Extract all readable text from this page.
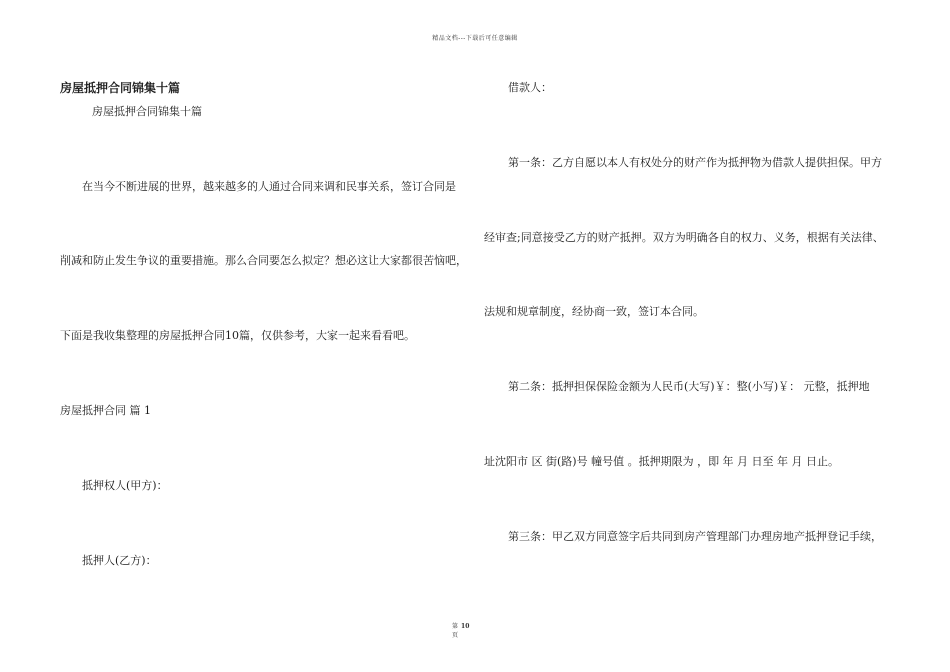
精品文档---下载后可任意编辑
房屋抵押合同锦集十篇
房屋抵押合同锦集十篇
在当今不断进展的世界，越来越多的人通过合同来调和民事关系，签订合同是
削减和防止发生争议的重要措施。那么合同要怎么拟定？想必这让大家都很苦恼吧，
下面是我收集整理的房屋抵押合同10篇，仅供参考，大家一起来看看吧。
房屋抵押合同 篇 1
抵押权人(甲方)：
抵押人(乙方)：
借款人：
第一条：乙方自愿以本人有权处分的财产作为抵押物为借款人提供担保。甲方
经审查;同意接受乙方的财产抵押。双方为明确各自的权力、义务，根据有关法律、
法规和规章制度，经协商一致，签订本合同。
第二条：抵押担保保险金额为人民币(大写)￥：整(小写)￥： 元整，抵押地
址沈阳市 区 街(路)号 幢号值 。抵押期限为 ，即 年 月 日至 年 月 日止。
第三条：甲乙双方同意签字后共同到房产管理部门办理房地产抵押登记手续，
第 10
页
